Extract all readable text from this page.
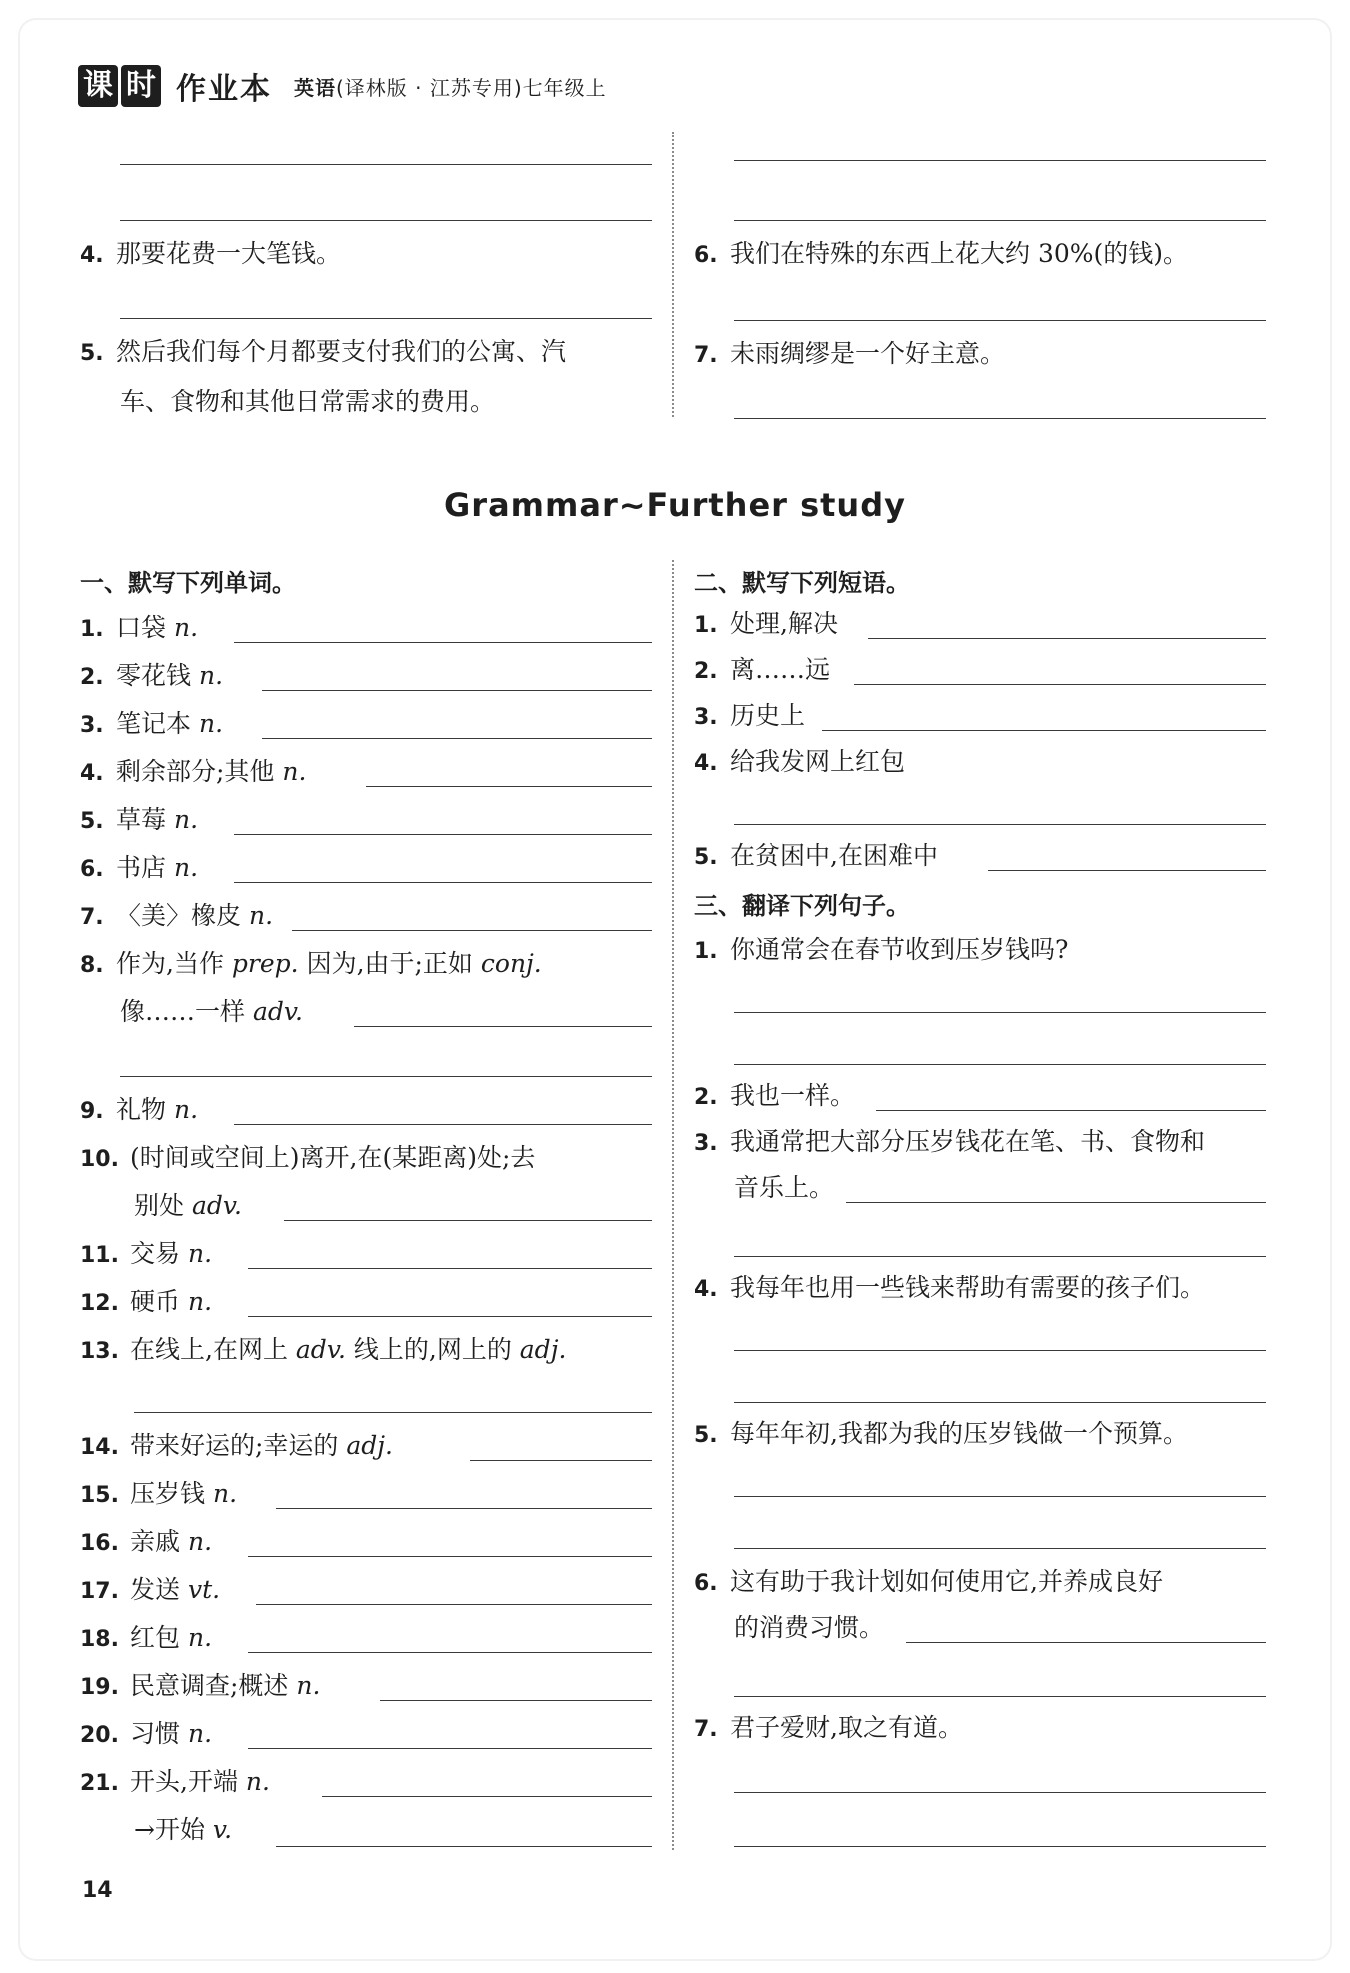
课 时 作业本 英语(译林版 · 江苏专用)七年级上
4. 那要花费一大笔钱。
5. 然后我们每个月都要支付我们的公寓、汽
车、食物和其他日常需求的费用。
6. 我们在特殊的东西上花大约 30%(的钱)。
7. 未雨绸缪是一个好主意。
Grammar~Further study
一、默写下列单词。
1. 口袋 n.
2. 零花钱 n.
3. 笔记本 n.
4. 剩余部分;其他 n.
5. 草莓 n.
6. 书店 n.
7. 〈美〉橡皮 n.
8. 作为,当作 prep. 因为,由于;正如 conj.
像……一样 adv.
9. 礼物 n.
10. (时间或空间上)离开,在(某距离)处;去
别处 adv.
11. 交易 n.
12. 硬币 n.
13. 在线上,在网上 adv. 线上的,网上的 adj.
14. 带来好运的;幸运的 adj.
15. 压岁钱 n.
16. 亲戚 n.
17. 发送 vt.
18. 红包 n.
19. 民意调查;概述 n.
20. 习惯 n.
21. 开头,开端 n.
→开始 v.
二、默写下列短语。
1. 处理,解决
2. 离……远
3. 历史上
4. 给我发网上红包
5. 在贫困中,在困难中
三、翻译下列句子。
1. 你通常会在春节收到压岁钱吗?
2. 我也一样。
3. 我通常把大部分压岁钱花在笔、书、食物和
音乐上。
4. 我每年也用一些钱来帮助有需要的孩子们。
5. 每年年初,我都为我的压岁钱做一个预算。
6. 这有助于我计划如何使用它,并养成良好
的消费习惯。
7. 君子爱财,取之有道。
14
